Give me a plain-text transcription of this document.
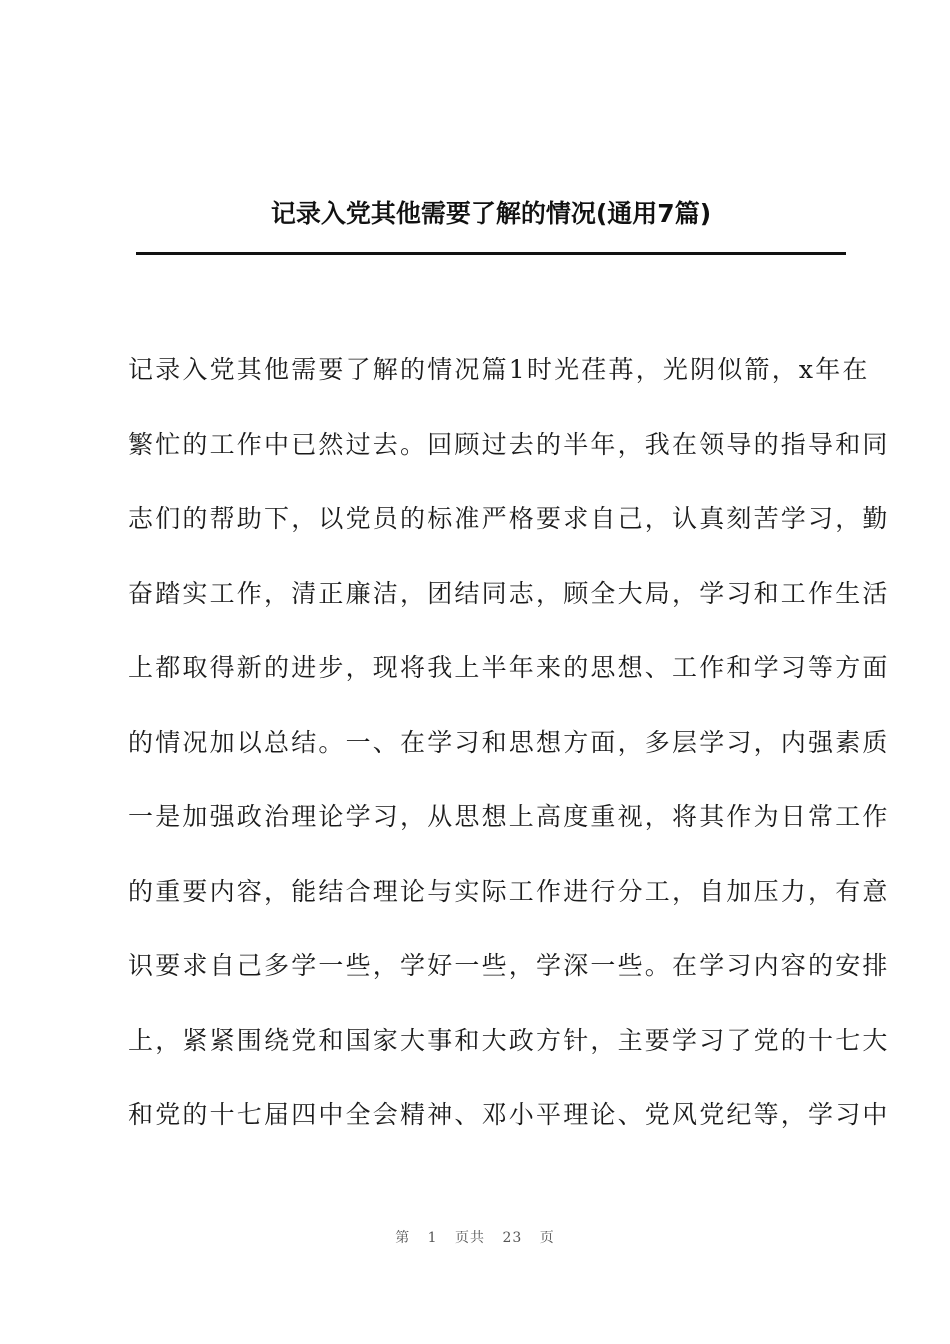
记录入党其他需要了解的情况(通用7篇)
记录入党其他需要了解的情况篇1时光荏苒，光阴似箭，x年在
繁忙的工作中已然过去。回顾过去的半年，我在领导的指导和同
志们的帮助下，以党员的标准严格要求自己，认真刻苦学习，勤
奋踏实工作，清正廉洁，团结同志，顾全大局，学习和工作生活
上都取得新的进步，现将我上半年来的思想、工作和学习等方面
的情况加以总结。一、在学习和思想方面，多层学习，内强素质
一是加强政治理论学习，从思想上高度重视，将其作为日常工作
的重要内容，能结合理论与实际工作进行分工，自加压力，有意
识要求自己多学一些，学好一些，学深一些。在学习内容的安排
上，紧紧围绕党和国家大事和大政方针，主要学习了党的十七大
和党的十七届四中全会精神、邓小平理论、党风党纪等，学习中
第 1 页共 23 页
